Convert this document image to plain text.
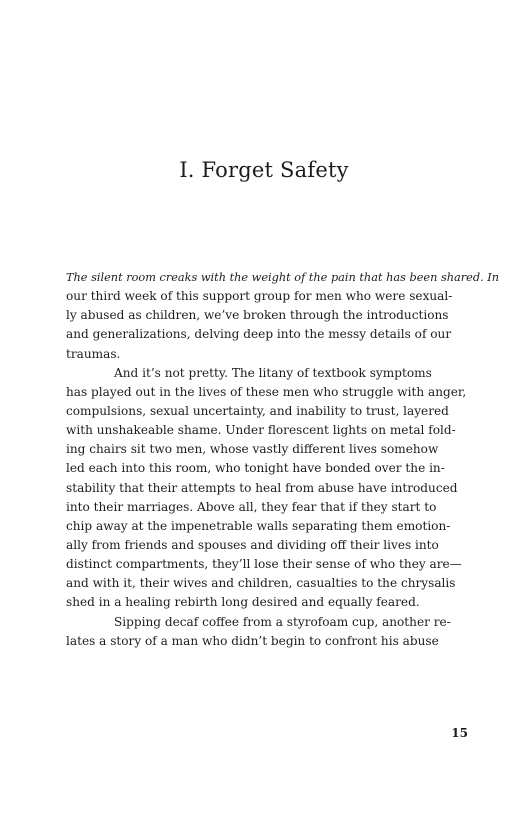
I. Forget Safety
The silent room creaks with the weight of the pain that has been shared. In
our third week of this support group for men who were sexual-
ly abused as children, we’ve broken through the introductions
and generalizations, delving deep into the messy details of our
traumas.
And it’s not pretty. The litany of textbook symptoms
has played out in the lives of these men who struggle with anger,
compulsions, sexual uncertainty, and inability to trust, layered
with unshakeable shame. Under florescent lights on metal fold-
ing chairs sit two men, whose vastly different lives somehow
led each into this room, who tonight have bonded over the in-
stability that their attempts to heal from abuse have introduced
into their marriages. Above all, they fear that if they start to
chip away at the impenetrable walls separating them emotion-
ally from friends and spouses and dividing off their lives into
distinct compartments, they’ll lose their sense of who they are—
and with it, their wives and children, casualties to the chrysalis
shed in a healing rebirth long desired and equally feared.
Sipping decaf coffee from a styrofoam cup, another re-
lates a story of a man who didn’t begin to confront his abuse
15
